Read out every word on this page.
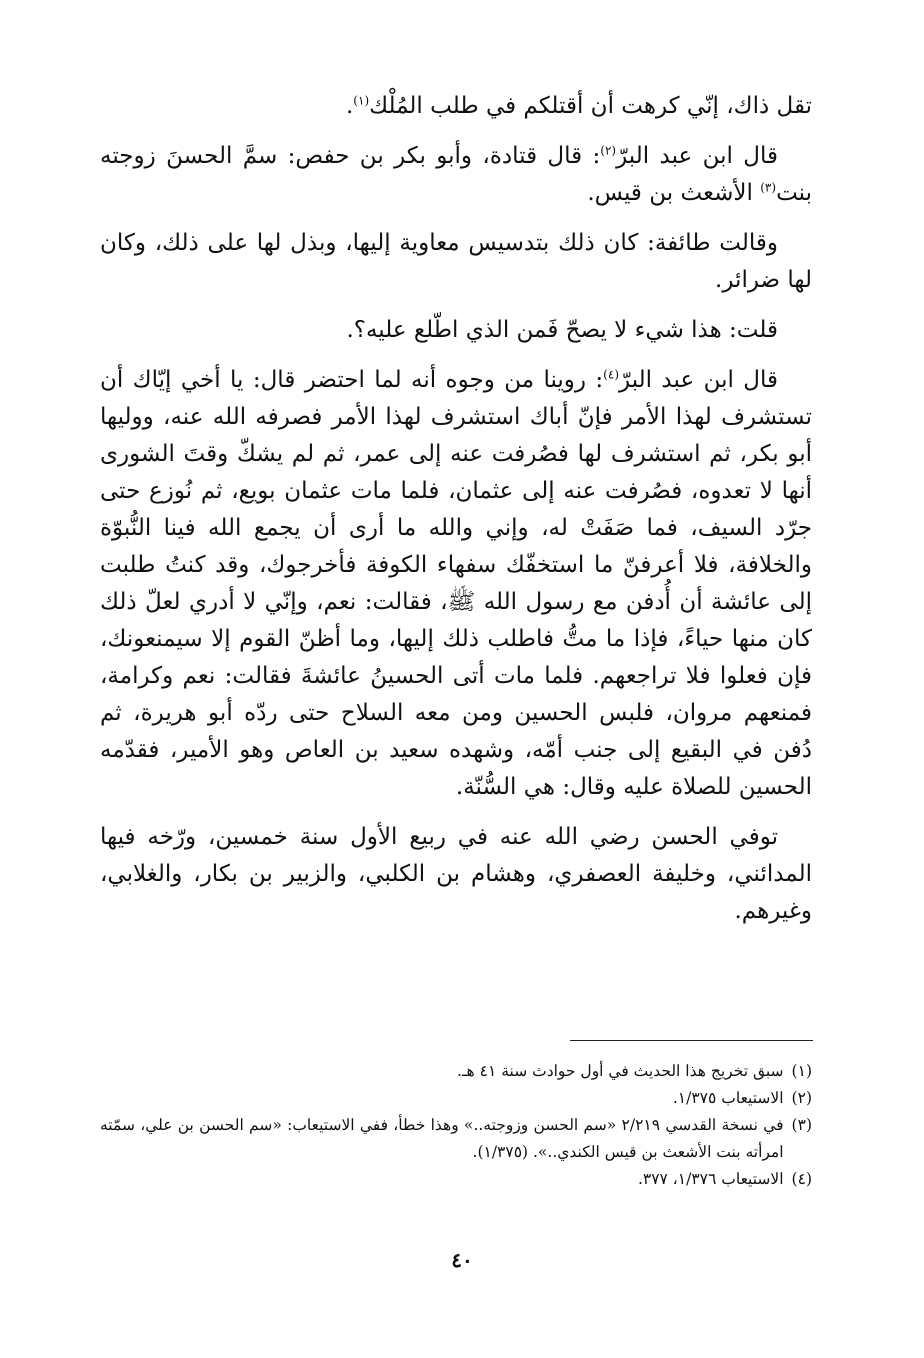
تقل ذاك، إنّي كرهت أن أقتلكم في طلب المُلْك$^{(١)}$.

قال ابن عبد البرّ$^{(٢)}$: قال قتادة، وأبو بكر بن حفص: سمَّ الحسنَ زوجته بنت$^{(٣)}$ الأشعث بن قيس.

وقالت طائفة: كان ذلك بتدسيس معاوية إليها، وبذل لها على ذلك، وكان لها ضرائر.

قلت: هذا شيء لا يصحّ فَمن الذي اطّلع عليه؟.

قال ابن عبد البرّ$^{(٤)}$: روينا من وجوه أنه لما احتضر قال: يا أخي إيّاك أن تستشرف لهذا الأمر فإنّ أباك استشرف لهذا الأمر فصرفه الله عنه، ووليها أبو بكر، ثم استشرف لها فصُرفت عنه إلى عمر، ثم لم يشكّ وقتَ الشورى أنها لا تعدوه، فصُرفت عنه إلى عثمان، فلما مات عثمان بويع، ثم نُوزع حتى جرّد السيف، فما صَفَتْ له، وإني والله ما أرى أن يجمع الله فينا النُّبوّة والخلافة، فلا أعرفنّ ما استخفّك سفهاء الكوفة فأخرجوك، وقد كنتُ طلبت إلى عائشة أن أُدفن مع رسول الله ﷺ، فقالت: نعم، وإنّي لا أدري لعلّ ذلك كان منها حياءً، فإذا ما متُّ فاطلب ذلك إليها، وما أظنّ القوم إلا سيمنعونك، فإن فعلوا فلا تراجعهم. فلما مات أتى الحسينُ عائشةَ فقالت: نعم وكرامة، فمنعهم مروان، فلبس الحسين ومن معه السلاح حتى ردّه أبو هريرة، ثم دُفن في البقيع إلى جنب أمّه، وشهده سعيد بن العاص وهو الأمير، فقدّمه الحسين للصلاة عليه وقال: هي السُّنّة.

توفي الحسن رضي الله عنه في ربيع الأول سنة خمسين، ورّخه فيها المدائني، وخليفة العصفري، وهشام بن الكلبي، والزبير بن بكار، والغلابي، وغيرهم.

(١)
سبق تخريج هذا الحديث في أول حوادث سنة ٤١ هـ.
(٢)
الاستيعاب ١/٣٧٥.
(٣)
في نسخة القدسي ٢/٢١٩ «سم الحسن وزوجته..» وهذا خطأ، ففي الاستيعاب: «سم الحسن بن علي، سمّته امرأته بنت الأشعث بن قيس الكندي..». (١/٣٧٥).
(٤)
الاستيعاب ١/٣٧٦، ٣٧٧.
٤٠
